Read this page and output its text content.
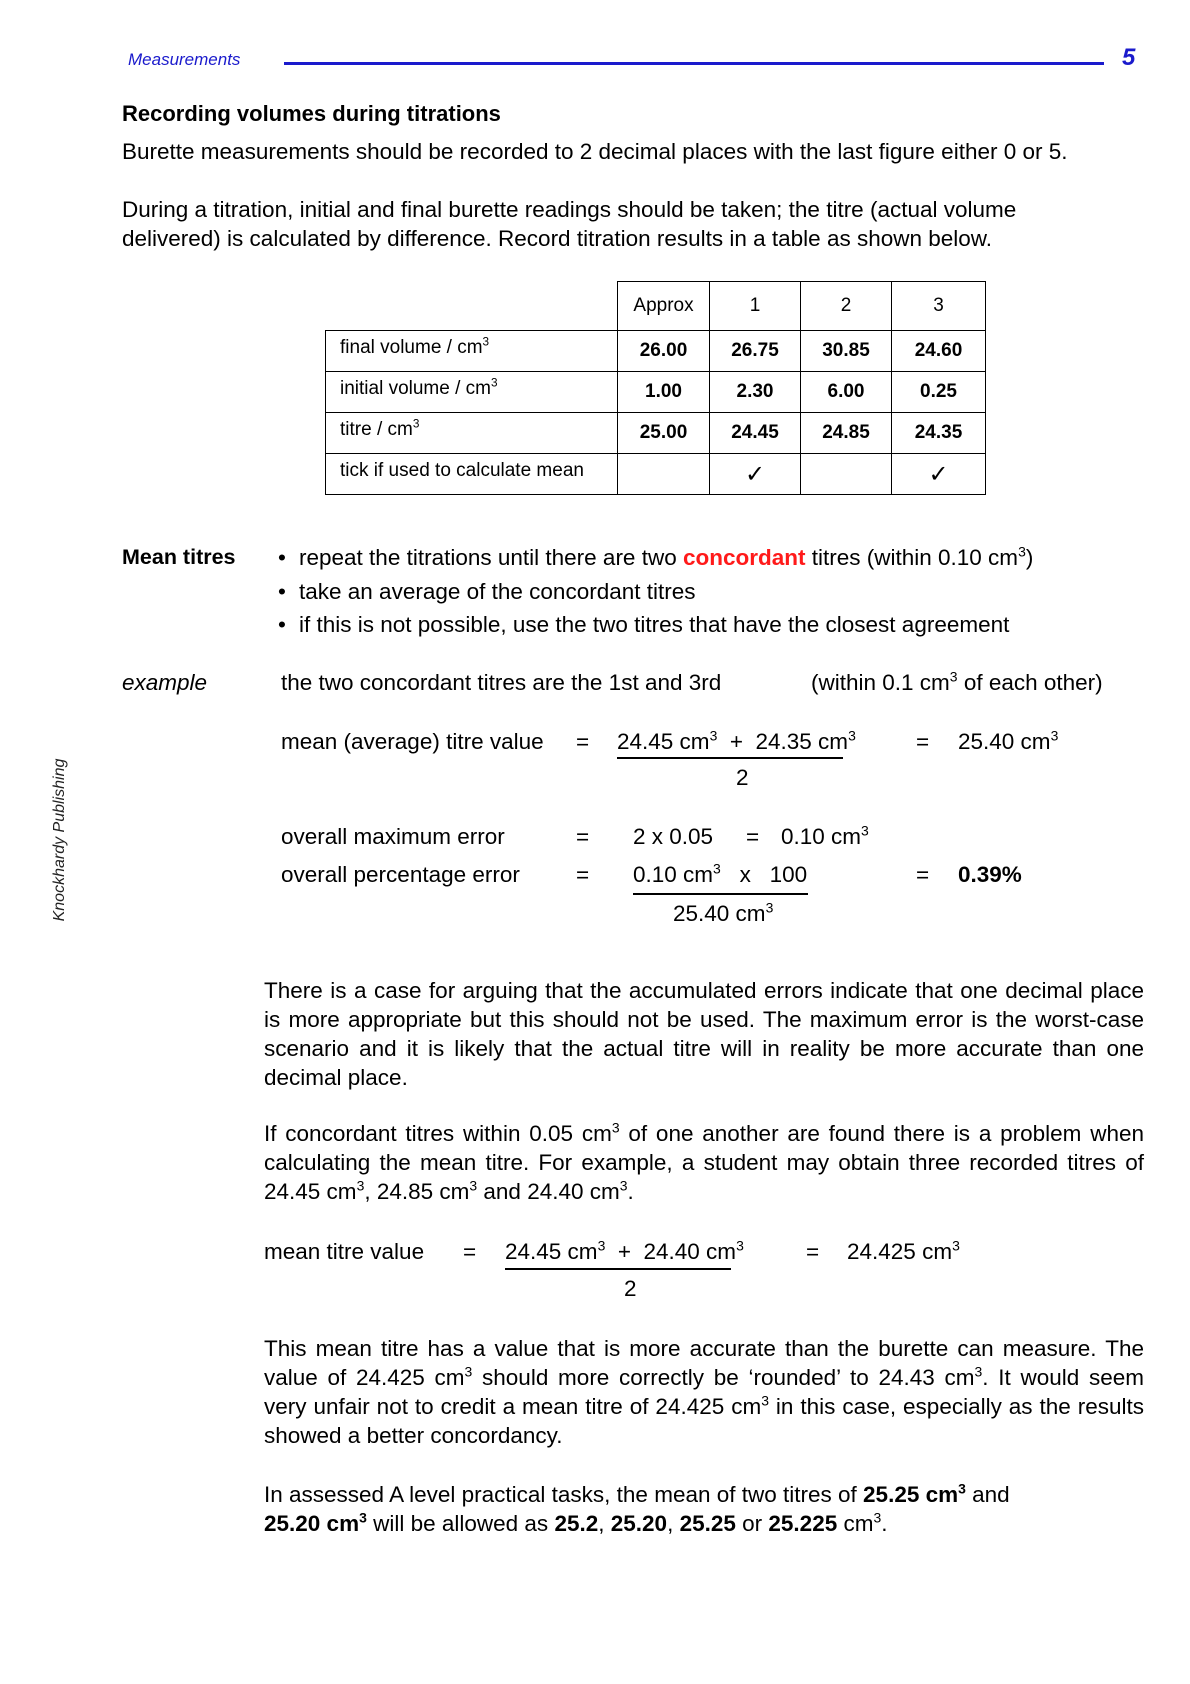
Measurements	5
Knockhardy Publishing
Recording volumes during titrations
Burette measurements should be recorded to 2 decimal places with the last figure either 0 or 5.
During a titration, initial and final burette readings should be taken; the titre (actual volume
delivered) is calculated by difference. Record titration results in a table as shown below.
	Approx	1	2	3
final volume / $cm^3$	26.00	26.75	30.85	24.60
initial volume / $cm^3$	1.00	2.30	6.00	0.25
titre / $cm^3$	25.00	24.45	24.85	24.35
tick if used to calculate mean		✓		✓
Mean titres • repeat the titrations until there are two concordant titres (within 0.10 $cm^3$)
• take an average of the concordant titres
• if this is not possible, use the two titres that have the closest agreement
example	the two concordant titres are the 1st and 3rd	(within 0.1 $cm^3$ of each other)
mean (average) titre value = 24.45 $cm^3 + 24.35$ $cm^3$
2
= 25.40 $cm^3$
overall maximum error	= 2 x 0.05 = 0.10 $cm^3$
overall percentage error = 0.10 $cm^3$ x 100
25.40 $cm^3$
= 0.39%
There is a case for arguing that the accumulated errors indicate that one decimal place is more appropriate but this should not be used. The maximum error is the worst-case scenario and it is likely that the actual titre will in reality be more accurate than one decimal place.
If concordant titres within 0.05 $cm^3$ of one another are found there is a problem when calculating the mean titre. For example, a student may obtain three recorded titres of 24.45 $cm^3$, 24.85 $cm^3$ and 24.40 $cm^3$.
mean titre value = 24.45 $cm^3 + 24.40$ $cm^3$
2
= 24.425 $cm^3$
This mean titre has a value that is more accurate than the burette can measure. The value of 24.425 $cm^3$ should more correctly be ‘rounded’ to 24.43 $cm^3$. It would seem very unfair not to credit a mean titre of 24.425 $cm^3$ in this case, especially as the results showed a better concordancy.
In assessed A level practical tasks, the mean of two titres of 25.25 $cm^3$ and
25.20 $cm^3$ will be allowed as 25.2, 25.20, 25.25 or 25.225 $cm^3$.
